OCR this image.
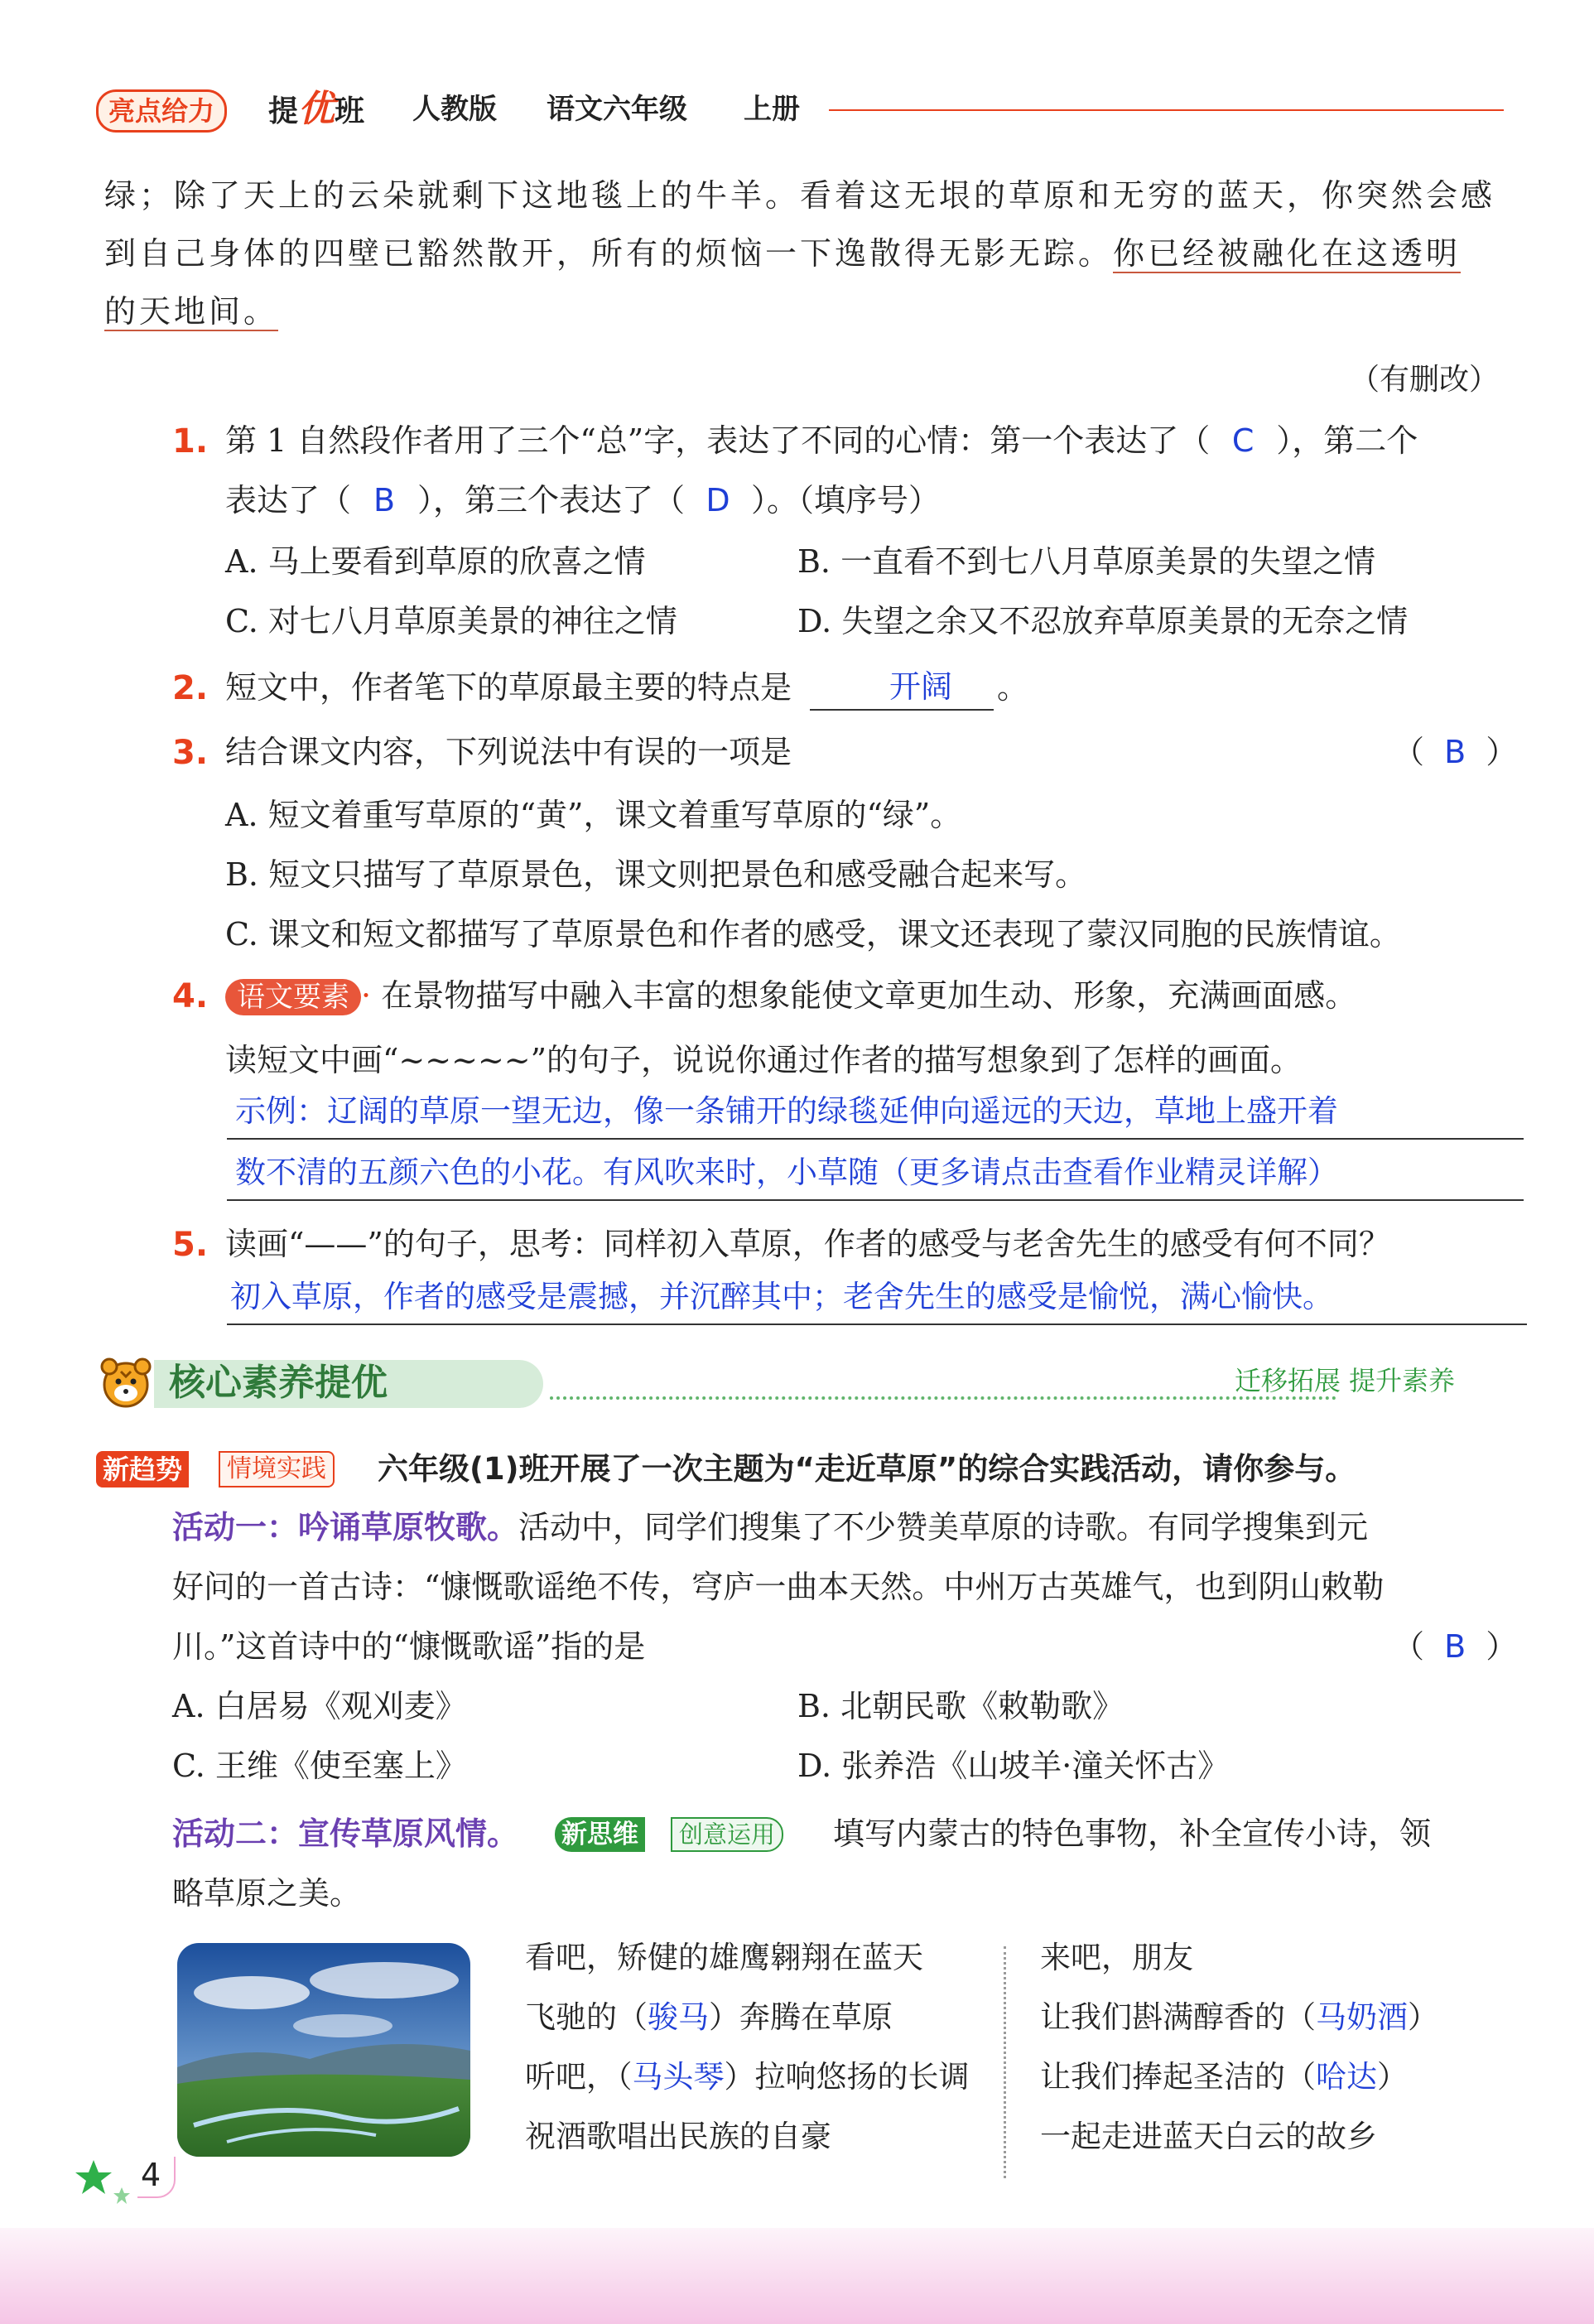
亮点给力	提优班 人教版 语文六年级 上册
绿；除了天上的云朵就剩下这地毯上的牛羊。看着这无垠的草原和无穷的蓝天，你突然会感
到自己身体的四壁已豁然散开，所有的烦恼一下逸散得无影无踪。你已经被融化在这透明
的天地间。
（有删改）
1. 第 1 自然段作者用了三个“总”字，表达了不同的心情：第一个表达了（ C ），第二个
表达了（ B ），第三个表达了（ D ）。（填序号）
A. 马上要看到草原的欣喜之情	B. 一直看不到七八月草原美景的失望之情
C. 对七八月草原美景的神往之情	D. 失望之余又不忍放弃草原美景的无奈之情
2. 短文中，作者笔下的草原最主要的特点是	开阔 。
3. 结合课文内容，下列说法中有误的一项是	（  B  ）
A. 短文着重写草原的“黄”，课文着重写草原的“绿”。
B. 短文只描写了草原景色，课文则把景色和感受融合起来写。
C. 课文和短文都描写了草原景色和作者的感受，课文还表现了蒙汉同胞的民族情谊。
4.	语文要素 · 在景物描写中融入丰富的想象能使文章更加生动、形象，充满画面感。
读短文中画“~~~~~”的句子，说说你通过作者的描写想象到了怎样的画面。
示例：辽阔的草原一望无边，像一条铺开的绿毯延伸向遥远的天边，草地上盛开着
数不清的五颜六色的小花。有风吹来时，小草随（更多请点击查看作业精灵详解）
5. 读画“——”的句子，思考：同样初入草原，作者的感受与老舍先生的感受有何不同？
初入草原，作者的感受是震撼，并沉醉其中；老舍先生的感受是愉悦，满心愉快。
核心素养提优	迁移拓展 提升素养
新趋势	情境实践 六年级(1)班开展了一次主题为“走近草原”的综合实践活动，请你参与。
活动一：吟诵草原牧歌。活动中，同学们搜集了不少赞美草原的诗歌。有同学搜集到元
好问的一首古诗：“慷慨歌谣绝不传，穹庐一曲本天然。中州万古英雄气，也到阴山敕勒
川。”这首诗中的“慷慨歌谣”指的是	（  B  ）
A. 白居易《观刈麦》	B. 北朝民歌《敕勒歌》
C. 王维《使至塞上》	D. 张养浩《山坡羊·潼关怀古》
活动二：宣传草原风情。 新思维	创意运用 填写内蒙古的特色事物，补全宣传小诗，领
略草原之美。
看吧，矫健的雄鹰翱翔在蓝天
飞驰的（骏马）奔腾在草原
听吧，（马头琴）拉响悠扬的长调
祝酒歌唱出民族的自豪
来吧，朋友
让我们斟满醇香的（马奶酒）
让我们捧起圣洁的（哈达）
一起走进蓝天白云的故乡
4
